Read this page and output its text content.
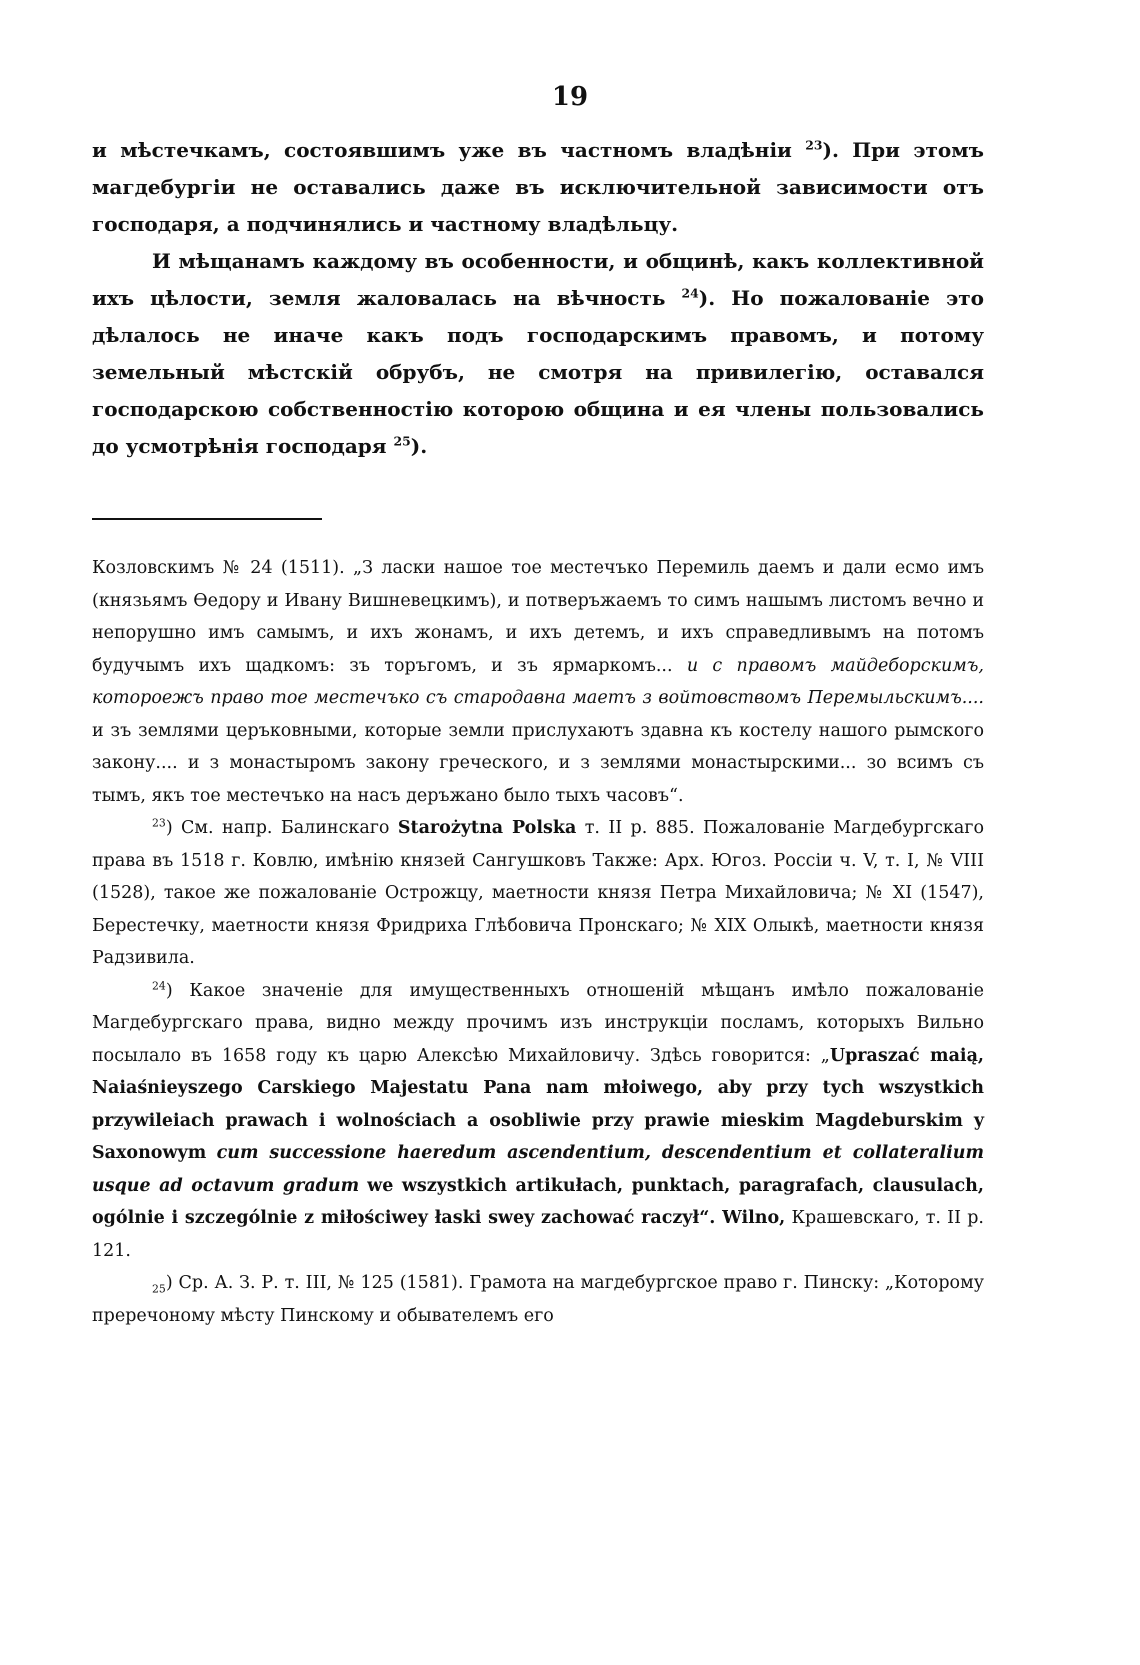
19

и мѣстечкамъ, состоявшимъ уже въ частномъ владѣніи $^{23}$). При этомъ магдебургіи не оставались даже въ исключительной зависимости отъ господаря, а подчинялись и частному владѣльцу.

И мѣщанамъ каждому въ особенности, и общинѣ, какъ коллективной ихъ цѣлости, земля жаловалась на вѣчность $^{24}$). Но пожалованіе это дѣлалось не иначе какъ подъ господарскимъ правомъ, и потому земельный мѣстскій обрубъ, не смотря на привилегію, оставался господарскою собственностію которою община и ея члены пользовались до усмотрѣнія господаря $^{25}$).

Козловскимъ № 24 (1511). „З ласки нашое тое местечъко Перемиль даемъ и дали есмо имъ (князьямъ Ѳедору и Ивану Вишневецкимъ), и потверъжаемъ то симъ нашымъ листомъ вечно и непорушно имъ самымъ, и ихъ жонамъ, и ихъ детемъ, и ихъ справедливымъ на потомъ будучымъ ихъ щадкомъ: зъ торъгомъ, и зъ ярмаркомъ... и с правомъ майдеборскимъ, котороежъ право тое местечъко съ стародавна маетъ з войтовствомъ Перемыльскимъ.... и зъ землями церъковными, которые земли прислухаютъ здавна къ костелу нашого рымского закону.... и з монастыромъ закону греческого, и з землями монастырскими... зо всимъ съ тымъ, якъ тое местечъко на насъ деръжано было тыхъ часовъ“.

$^{23}$) См. напр. Балинскаго Starożytna Polska т. II р. 885. Пожалованіе Магдебургскаго права въ 1518 г. Ковлю, имѣнію князей Сангушковъ Также: Арх. Югоз. Россіи ч. V, т. I, № VIII (1528), такое же пожалованіе Острожцу, маетности князя Петра Михайловича; № XI (1547), Берестечку, маетности князя Фридриха Глѣбовича Пронскаго; № XIX Олыкѣ, маетности князя Радзивила.

$^{24}$) Какое значеніе для имущественныхъ отношеній мѣщанъ имѣло пожалованіе Магдебургскаго права, видно между прочимъ изъ инструкціи посламъ, которыхъ Вильно посылало въ 1658 году къ царю Алексѣю Михайловичу. Здѣсь говорится: „Upraszać maią, Naiaśnieyszego Carskiego Majestatu Pana nam młoiwego, aby przy tych wszystkich przywileiach prawach i wolnościach a osobliwie przy prawie mieskim Magdeburskim y Saxonowym cum successione haeredum ascendentium, descendentium et collateralium usque ad octavum gradum we wszystkich artikułach, punktach, paragrafach, clausulach, ogólnie i szczególnie z miłościwey łaski swey zachować raczył“. Wilno, Крашевскаго, т. II р. 121.

$_{25}$) Ср. А. З. Р. т. III, № 125 (1581). Грамота на магдебургское право г. Пинску: „Которому преречоному мѣсту Пинскому и обывателемъ его
